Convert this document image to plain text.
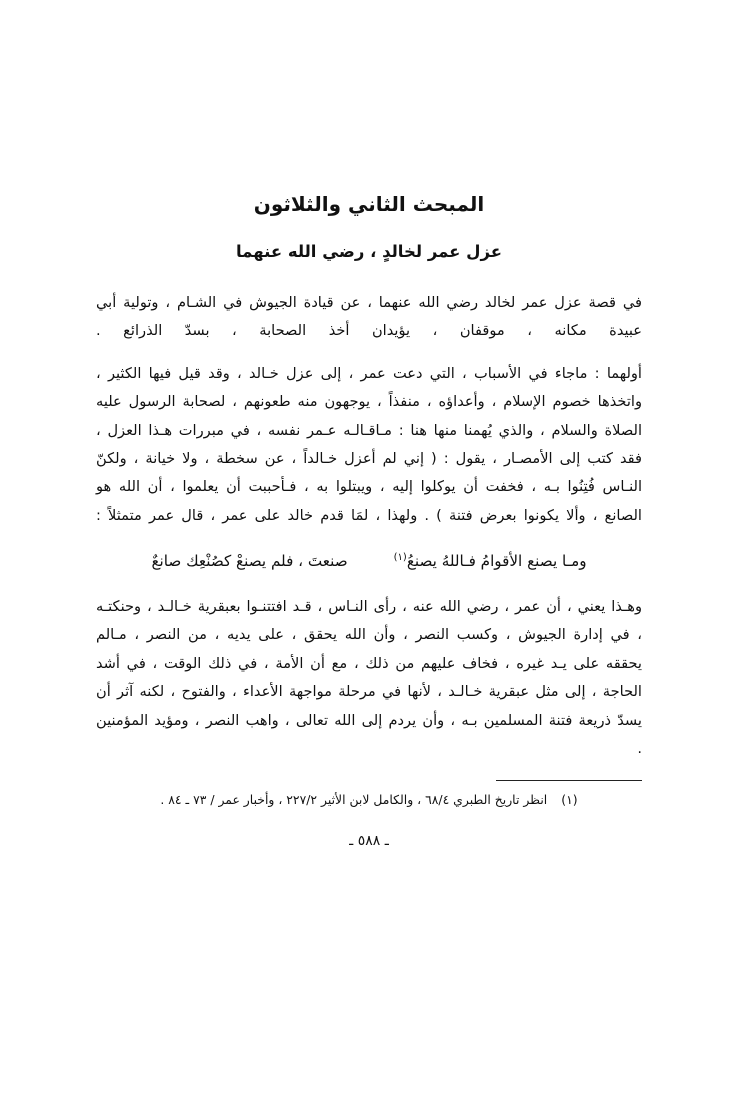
المبحث الثاني والثلاثون
عزل عمر لخالدٍ ، رضي الله عنهما

في قصة عزل عمر لخالد رضي الله عنهما ، عن قيادة الجيوش في الشـام ، وتولية أبي عبيدة مكانه ، موقفان ، يؤيدان أخذ الصحابة ، بسدّ الذرائع .

أولهما : ماجاء في الأسباب ، التي دعت عمر ، إلى عزل خـالد ، وقد قيل فيها الكثير ، واتخذها خصوم الإسلام ، وأعداؤه ، منفذاً ، يوجهون منه طعونهم ، لصحابة الرسول عليه الصلاة والسلام ، والذي يُهمنا منها هنا : مـاقـالـه عـمر نفسه ، في مبررات هـذا العزل ، فقد كتب إلى الأمصـار ، يقول : ( إني لم أعزل خـالداً ، عن سخطة ، ولا خيانة ، ولكنّ النـاس فُتِنُوا بـه ، فخفت أن يوكلوا إليه ، ويبتلوا به ، فـأحببت أن يعلموا ، أن الله هو الصانع ، وألا يكونوا بعرض فتنة ) . ولهذا ، لمَا قدم خالد على عمر ، قال عمر متمثلاً :

صنعتَ ، فلم يصنعْ كصُنْعِك صانعٌ	ومـا يصنع الأقوامُ فـاللهُ يصنعُ$^{(١)}$

وهـذا يعني ، أن عمر ، رضي الله عنه ، رأى النـاس ، قـد افتتنـوا بعبقرية خـالـد ، وحنكتـه ، في إدارة الجيوش ، وكسب النصر ، وأن الله يحقق ، على يديه ، من النصر ، مـالم يحققه على يـد غيره ، فخاف عليهم من ذلك ، مع أن الأمة ، في ذلك الوقت ، في أشد الحاجة ، إلى مثل عبقرية خـالـد ، لأنها في مرحلة مواجهة الأعداء ، والفتوح ، لكنه آثر أن يسدّ ذريعة فتنة المسلمين بـه ، وأن يردم إلى الله تعالى ، واهب النصر ، ومؤيد المؤمنين .

(١)انظر تاريخ الطبري ٦٨/٤ ، والكامل لابن الأثير ٢٢٧/٢ ، وأخبار عمر / ٧٣ ـ ٨٤ .

ـ ٥٨٨ ـ
